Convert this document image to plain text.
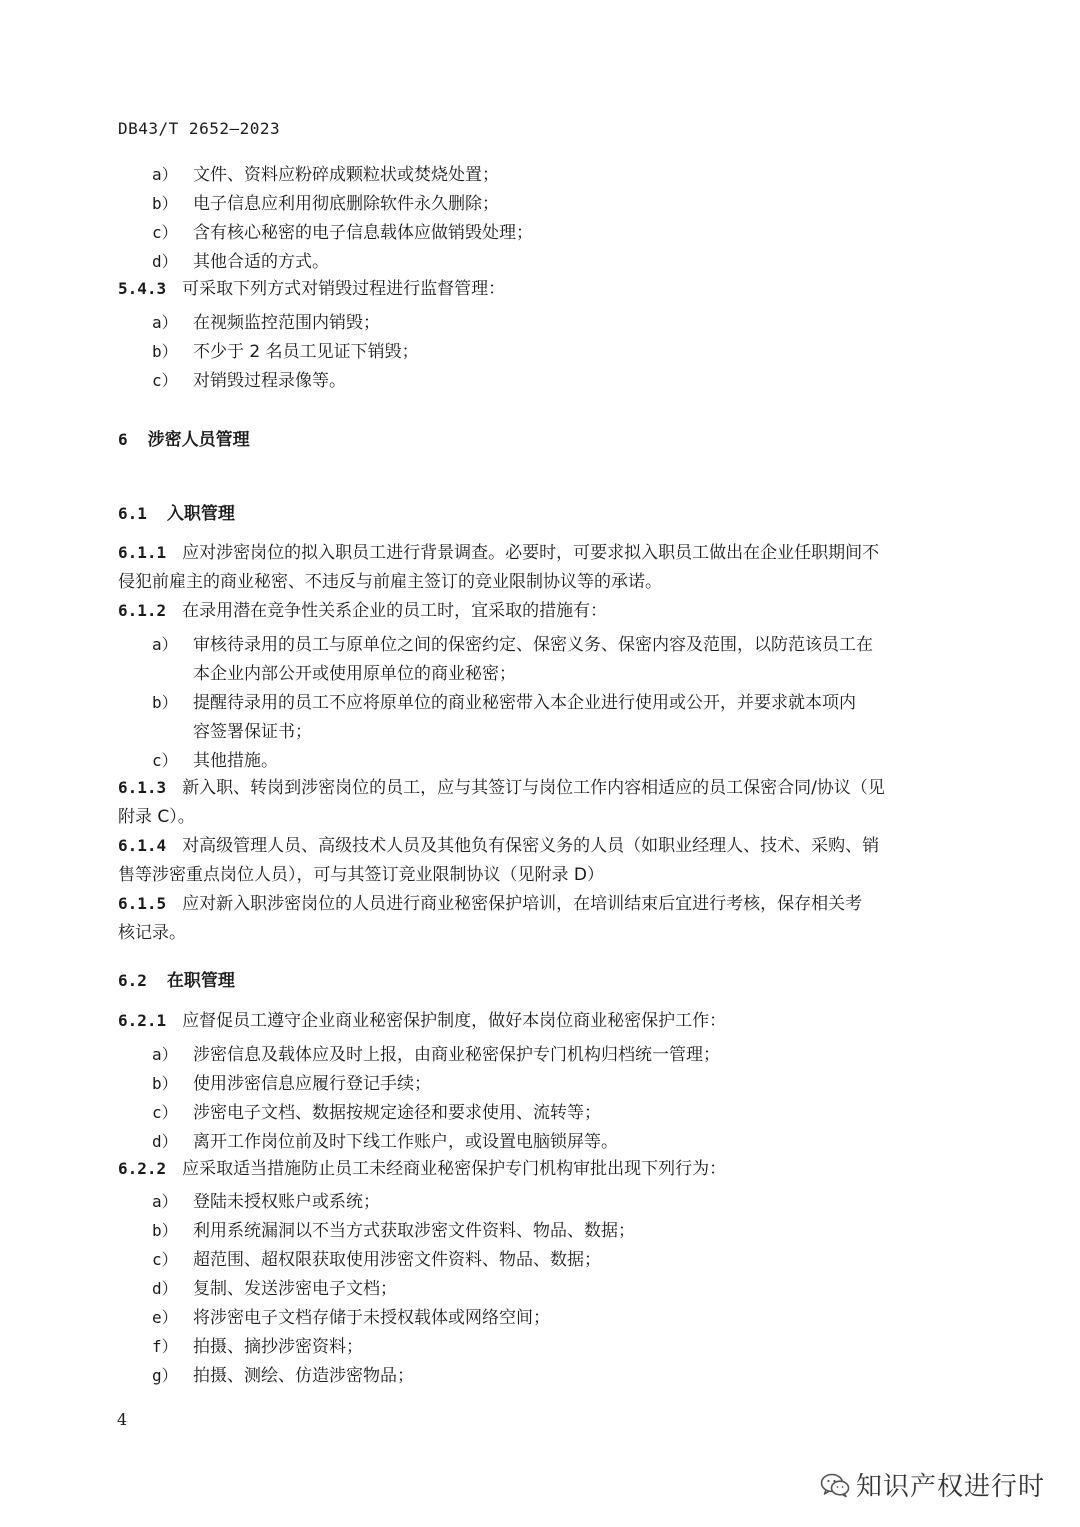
DB43/T 2652—2023
a） 文件、资料应粉碎成颗粒状或焚烧处置；
b） 电子信息应利用彻底删除软件永久删除；
c） 含有核心秘密的电子信息载体应做销毁处理；
d） 其他合适的方式。
5.4.3 可采取下列方式对销毁过程进行监督管理：
a） 在视频监控范围内销毁；
b） 不少于 2 名员工见证下销毁；
c） 对销毁过程录像等。
6 涉密人员管理
6.1 入职管理
6.1.1 应对涉密岗位的拟入职员工进行背景调查。必要时，可要求拟入职员工做出在企业任职期间不
侵犯前雇主的商业秘密、不违反与前雇主签订的竞业限制协议等的承诺。
6.1.2 在录用潜在竞争性关系企业的员工时，宜采取的措施有：
a） 审核待录用的员工与原单位之间的保密约定、保密义务、保密内容及范围，以防范该员工在
本企业内部公开或使用原单位的商业秘密；
b） 提醒待录用的员工不应将原单位的商业秘密带入本企业进行使用或公开，并要求就本项内
容签署保证书；
c） 其他措施。
6.1.3 新入职、转岗到涉密岗位的员工，应与其签订与岗位工作内容相适应的员工保密合同/协议（见
附录 C）。
6.1.4 对高级管理人员、高级技术人员及其他负有保密义务的人员（如职业经理人、技术、采购、销
售等涉密重点岗位人员），可与其签订竞业限制协议（见附录 D）
6.1.5 应对新入职涉密岗位的人员进行商业秘密保护培训，在培训结束后宜进行考核，保存相关考
核记录。
6.2 在职管理
6.2.1 应督促员工遵守企业商业秘密保护制度，做好本岗位商业秘密保护工作：
a） 涉密信息及载体应及时上报，由商业秘密保护专门机构归档统一管理；
b） 使用涉密信息应履行登记手续；
c） 涉密电子文档、数据按规定途径和要求使用、流转等；
d） 离开工作岗位前及时下线工作账户，或设置电脑锁屏等。
6.2.2 应采取适当措施防止员工未经商业秘密保护专门机构审批出现下列行为：
a） 登陆未授权账户或系统；
b） 利用系统漏洞以不当方式获取涉密文件资料、物品、数据；
c） 超范围、超权限获取使用涉密文件资料、物品、数据；
d） 复制、发送涉密电子文档；
e） 将涉密电子文档存储于未授权载体或网络空间；
f） 拍摄、摘抄涉密资料；
g） 拍摄、测绘、仿造涉密物品；
4
知识产权进行时
